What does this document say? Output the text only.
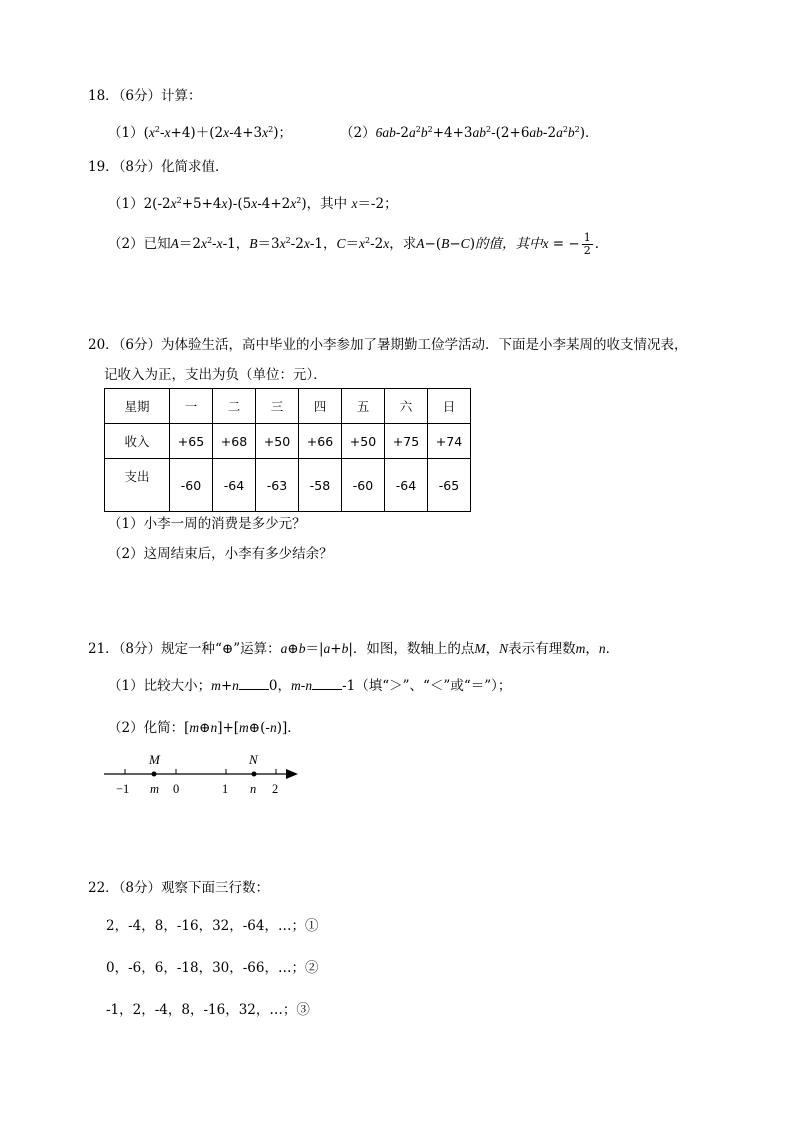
18．（6分）计算：
$(1)(x^2-x+4)+(2x-4+3x^2)$；	$(2)6ab-2a^2b^2+4+3ab^2-(2+6ab-2a^2b^2)$．
19．（8分）化简求值．
$(1)2(-2x^2+5+4x)-(5x-4+2x^2)$，其中 x＝-2；
（2）已知$A=2x^2-x-1$，$B=3x^2-2x-1$，$C=x^2-2x$，求A−(B−C)的值，其中x = − $\frac{1}{2}$ ．
20．（6分）为体验生活，高中毕业的小李参加了暑期勤工俭学活动．下面是小李某周的收支情况表，
记收入为正，支出为负（单位：元）．
星期	一	二	三	四	五	六	日
收入	+65	+68	+50	+66	+50	+75	+74
支出	-60	-64	-63	-58	-60	-64	-65
（1）小李一周的消费是多少元？
（2）这周结束后，小李有多少结余？
21．（8分）规定一种“⊕”运算：a⊕b＝|a+b|．如图，数轴上的点M，N表示有理数m，n．
（1）比较大小；m+n 0，m-n -1（填“＞”、“＜”或“＝”）；
（2）化简：[m⊕n]+[m⊕(-n)]．
M	N
−1 m 0	1 n 2
22．（8分）观察下面三行数：
2，-4，8，-16，32，-64，…；①
0，-6，6，-18，30，-66，…；②
-1，2，-4，8，-16，32，…；③
